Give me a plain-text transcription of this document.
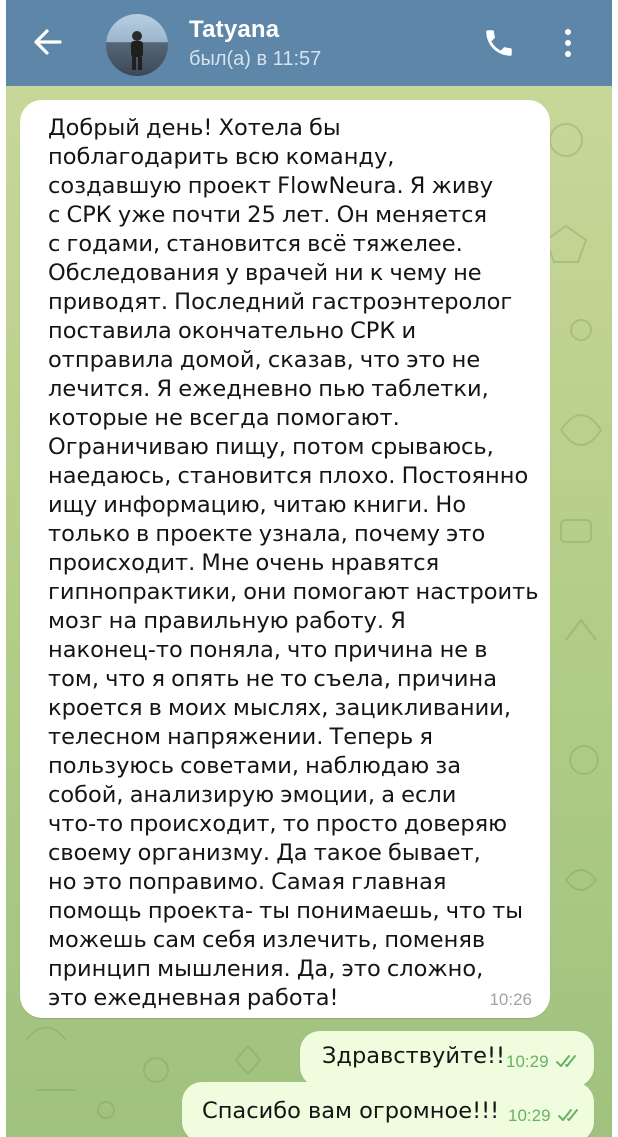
Tatyana
был(а) в 11:57
Добрый день! Хотела бы
поблагодарить всю команду,
создавшую проект FlowNeura. Я живу
с СРК уже почти 25 лет. Он меняется
с годами, становится всё тяжелее.
Обследования у врачей ни к чему не
приводят. Последний гастроэнтеролог
поставила окончательно СРК и
отправила домой, сказав, что это не
лечится. Я ежедневно пью таблетки,
которые не всегда помогают.
Ограничиваю пищу, потом срываюсь,
наедаюсь, становится плохо. Постоянно
ищу информацию, читаю книги. Но
только в проекте узнала, почему это
происходит. Мне очень нравятся
гипнопрактики, они помогают настроить
мозг на правильную работу. Я
наконец-то поняла, что причина не в
том, что я опять не то съела, причина
кроется в моих мыслях, зацикливании,
телесном напряжении. Теперь я
пользуюсь советами, наблюдаю за
собой, анализирую эмоции, а если
что-то происходит, то просто доверяю
своему организму. Да такое бывает,
но это поправимо. Самая главная
помощь проекта- ты понимаешь, что ты
можешь сам себя излечить, поменяв
принцип мышления. Да, это сложно,
это ежедневная работа!	10:26
Здравствуйте!! 10:29
Спасибо вам огромное!!! 10:29
